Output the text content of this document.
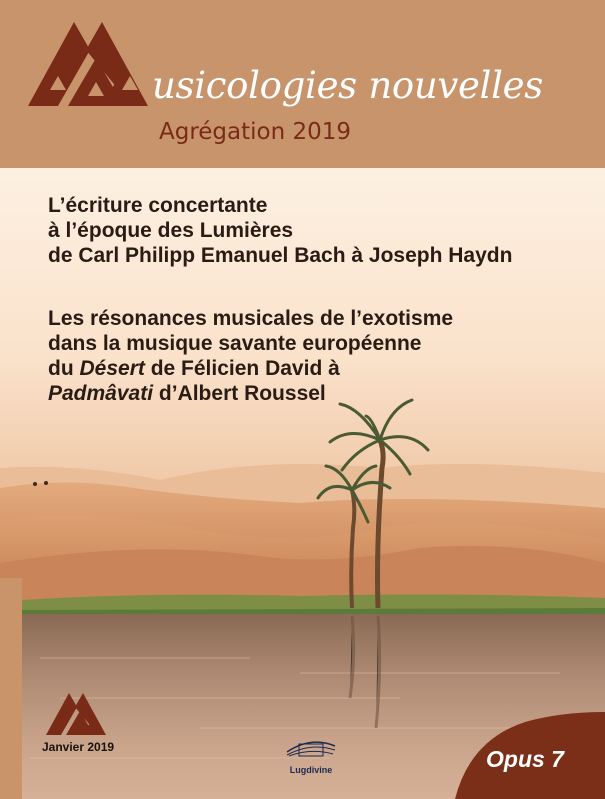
usicologies nouvelles
Agrégation 2019
L’écriture concertante
à l’époque des Lumières
de Carl Philipp Emanuel Bach à Joseph Haydn
Les résonances musicales de l’exotisme
dans la musique savante européenne
du Désert de Félicien David à
Padmâvati d’Albert Roussel
Janvier 2019
Lugdivine	Opus 7
